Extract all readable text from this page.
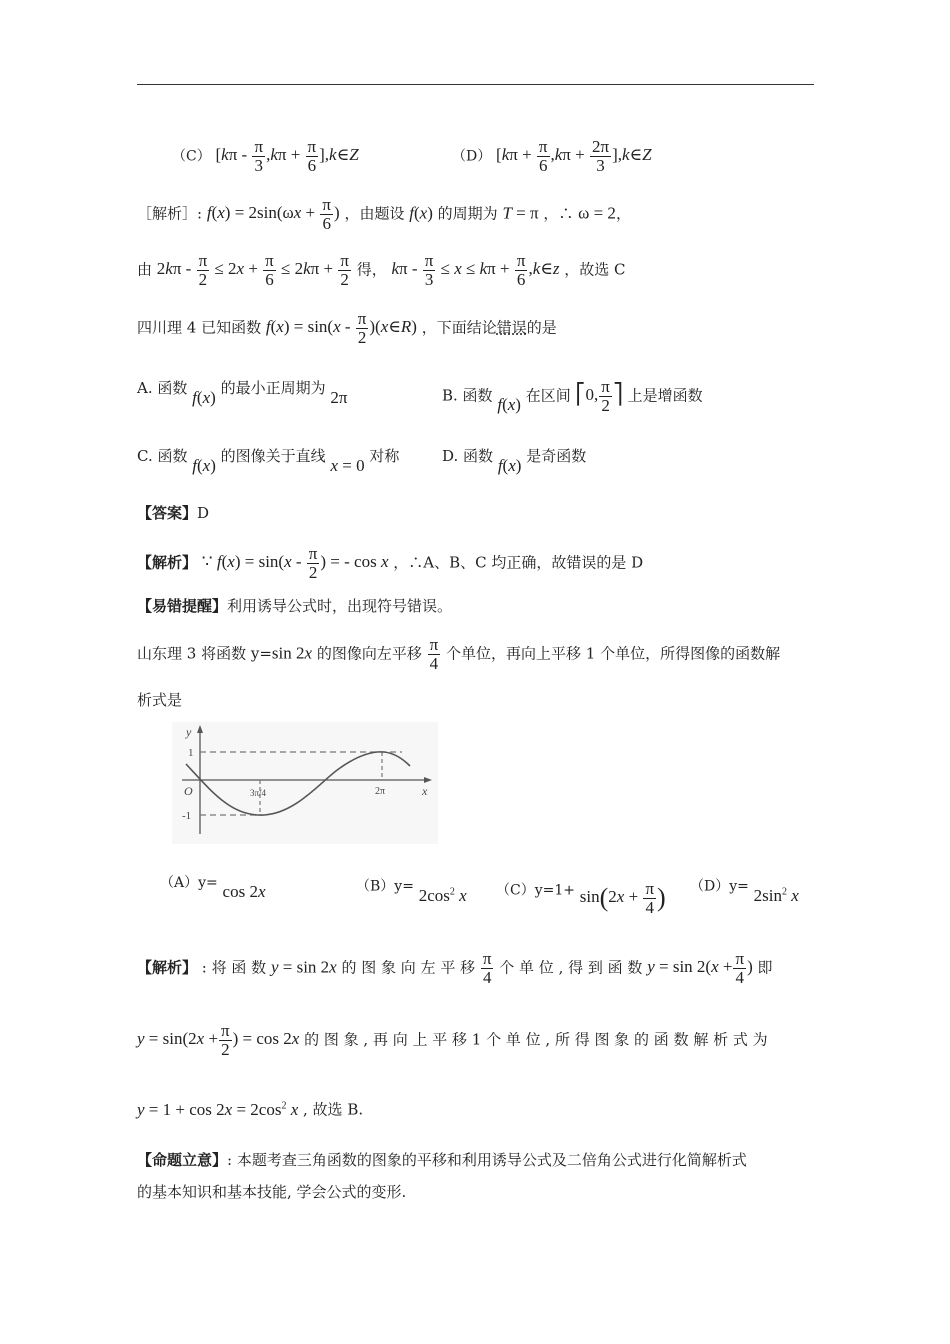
（C） [$k\pi - \frac{\pi}{3} ,k\pi + \frac{\pi}{6}$ ],k∈Z	（D） [$k\pi + \frac{\pi}{6} ,k\pi + \frac{2\pi}{3}$ ],k∈Z
［解析］: $f(x) = 2\sin(\omega x + \frac{\pi}{6}$ ) ，由题设 f(x) 的周期为 T = π ，∴ ω = 2，
由 $2k\pi - \frac{\pi}{2} \le 2x + \frac{\pi}{6} \le 2k\pi + \frac{\pi}{2}$ 得， $k\pi - \frac{\pi}{3} \le x \le k\pi + \frac{\pi}{6}$ ,k∈z ，故选 C
四川理 4 已知函数 $f(x) = \sin(x - \frac{\pi}{2}$ )(x∈R) ，下面结论错误的是
A. 函数 f(x) 的最小正周期为 2π	B. 函数 f(x) 在区间 ⎡0, $\frac{\pi}{2}$ ⎤ 上是增函数
C. 函数 f(x) 的图像关于直线 x = 0 对称	D. 函数 f(x) 是奇函数
【答案】D
【解析】 ∵ $f(x) = \sin(x - \frac{\pi}{2}$ ) = - cos x ，∴A、B、C 均正确，故错误的是 D
【易错提醒】利用诱导公式时，出现符号错误。
山东理 3 将函数 y=sin 2x 的图像向左平移 $\frac{\pi}{4}$ 个单位，再向上平移 1 个单位，所得图像的函数解
析式是
y
x
O
1
-1
3π/4	2π
（A）y= cos 2x	$(B)y= 2\cos^2$ x $(C)y=1+ \sin(2x + \frac{\pi}{4}$ ) $(D)y= 2\sin^2$ x
【解析】 : 将 函 数 y = sin 2x 的 图 象 向 左 平 移 $\frac{\pi}{4}$ 个 单 位 , 得 到 函 数 $y = \sin 2(x + \frac{\pi}{4}$ ) 即
$y = \sin(2x + \frac{\pi}{2}$ ) = cos 2x 的 图 象 , 再 向 上 平 移 1 个 单 位 , 所 得 图 象 的 函 数 解 析 式 为
$y = 1 + \cos 2x = 2\cos^2$ x , 故选 B.
【命题立意】: 本题考查三角函数的图象的平移和利用诱导公式及二倍角公式进行化简解析式
的基本知识和基本技能, 学会公式的变形.
